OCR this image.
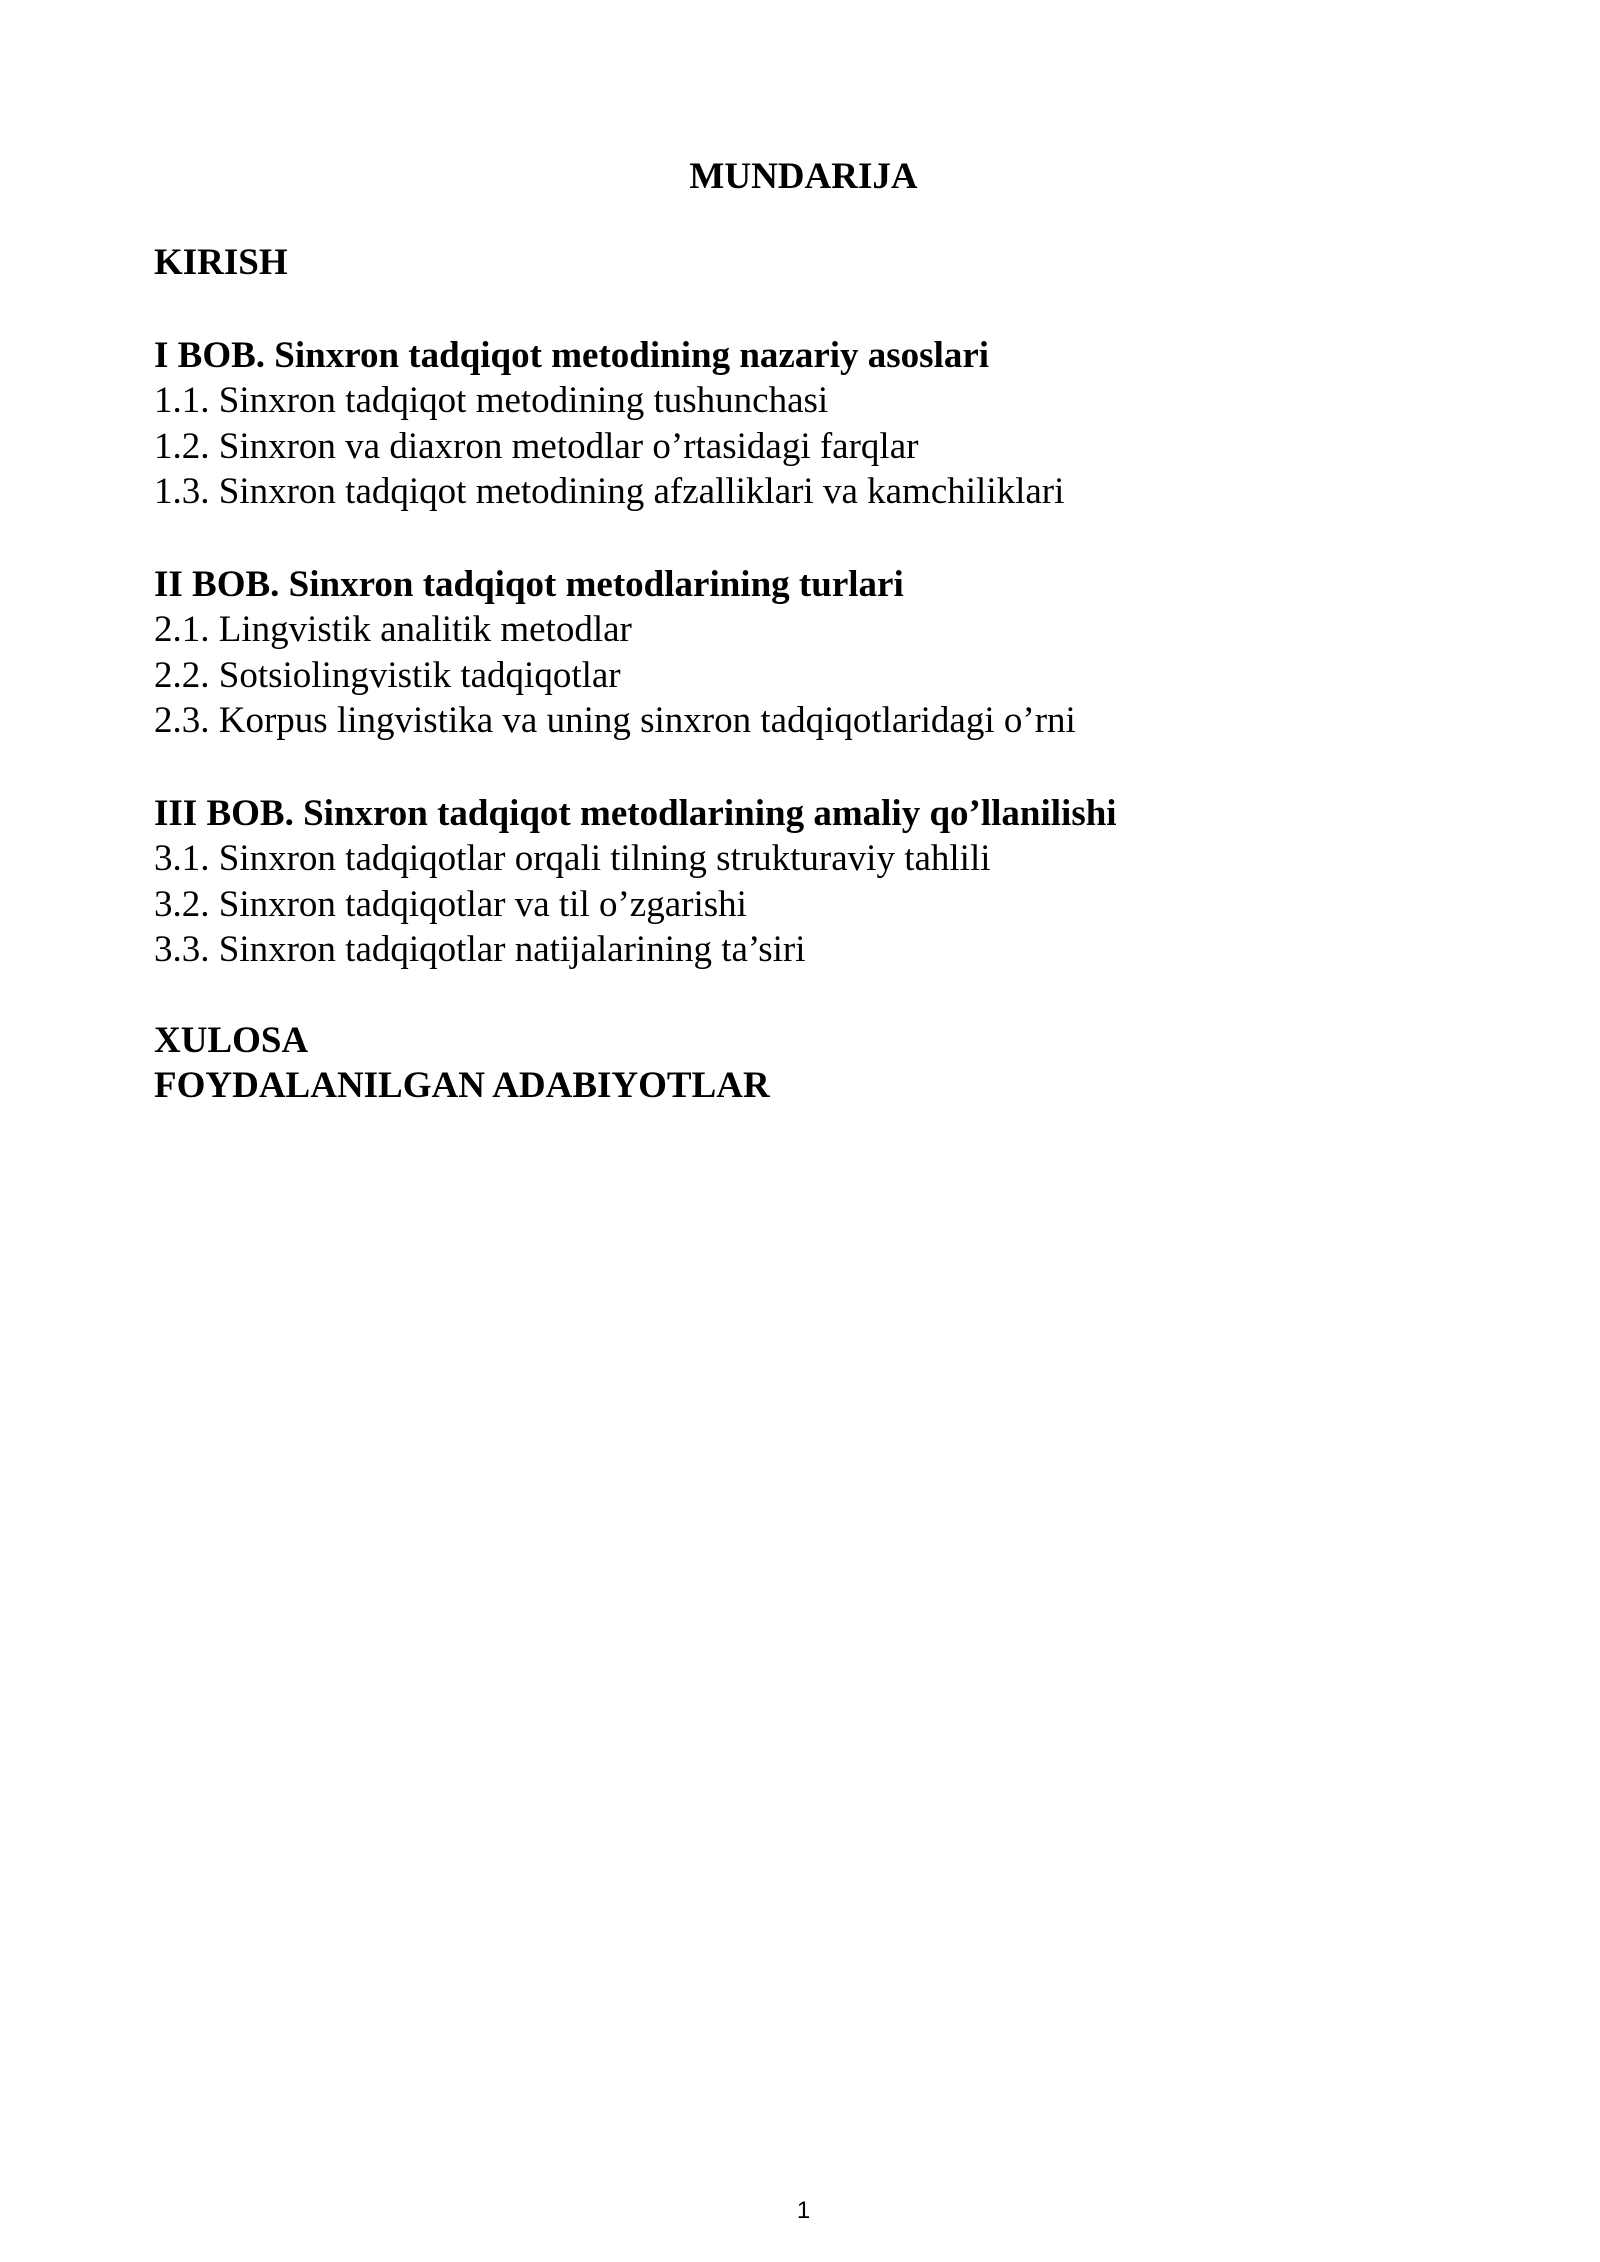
MUNDARIJA
KIRISH
I BOB. Sinxron tadqiqot metodining nazariy asoslari
1.1. Sinxron tadqiqot metodining tushunchasi
1.2. Sinxron va diaxron metodlar o’rtasidagi farqlar
1.3. Sinxron tadqiqot metodining afzalliklari va kamchiliklari
II BOB. Sinxron tadqiqot metodlarining turlari
2.1. Lingvistik analitik metodlar
2.2. Sotsiolingvistik tadqiqotlar
2.3. Korpus lingvistika va uning sinxron tadqiqotlaridagi o’rni
III BOB. Sinxron tadqiqot metodlarining amaliy qo’llanilishi
3.1. Sinxron tadqiqotlar orqali tilning strukturaviy tahlili
3.2. Sinxron tadqiqotlar va til o’zgarishi
3.3. Sinxron tadqiqotlar natijalarining ta’siri
XULOSA
FOYDALANILGAN ADABIYOTLAR
1
